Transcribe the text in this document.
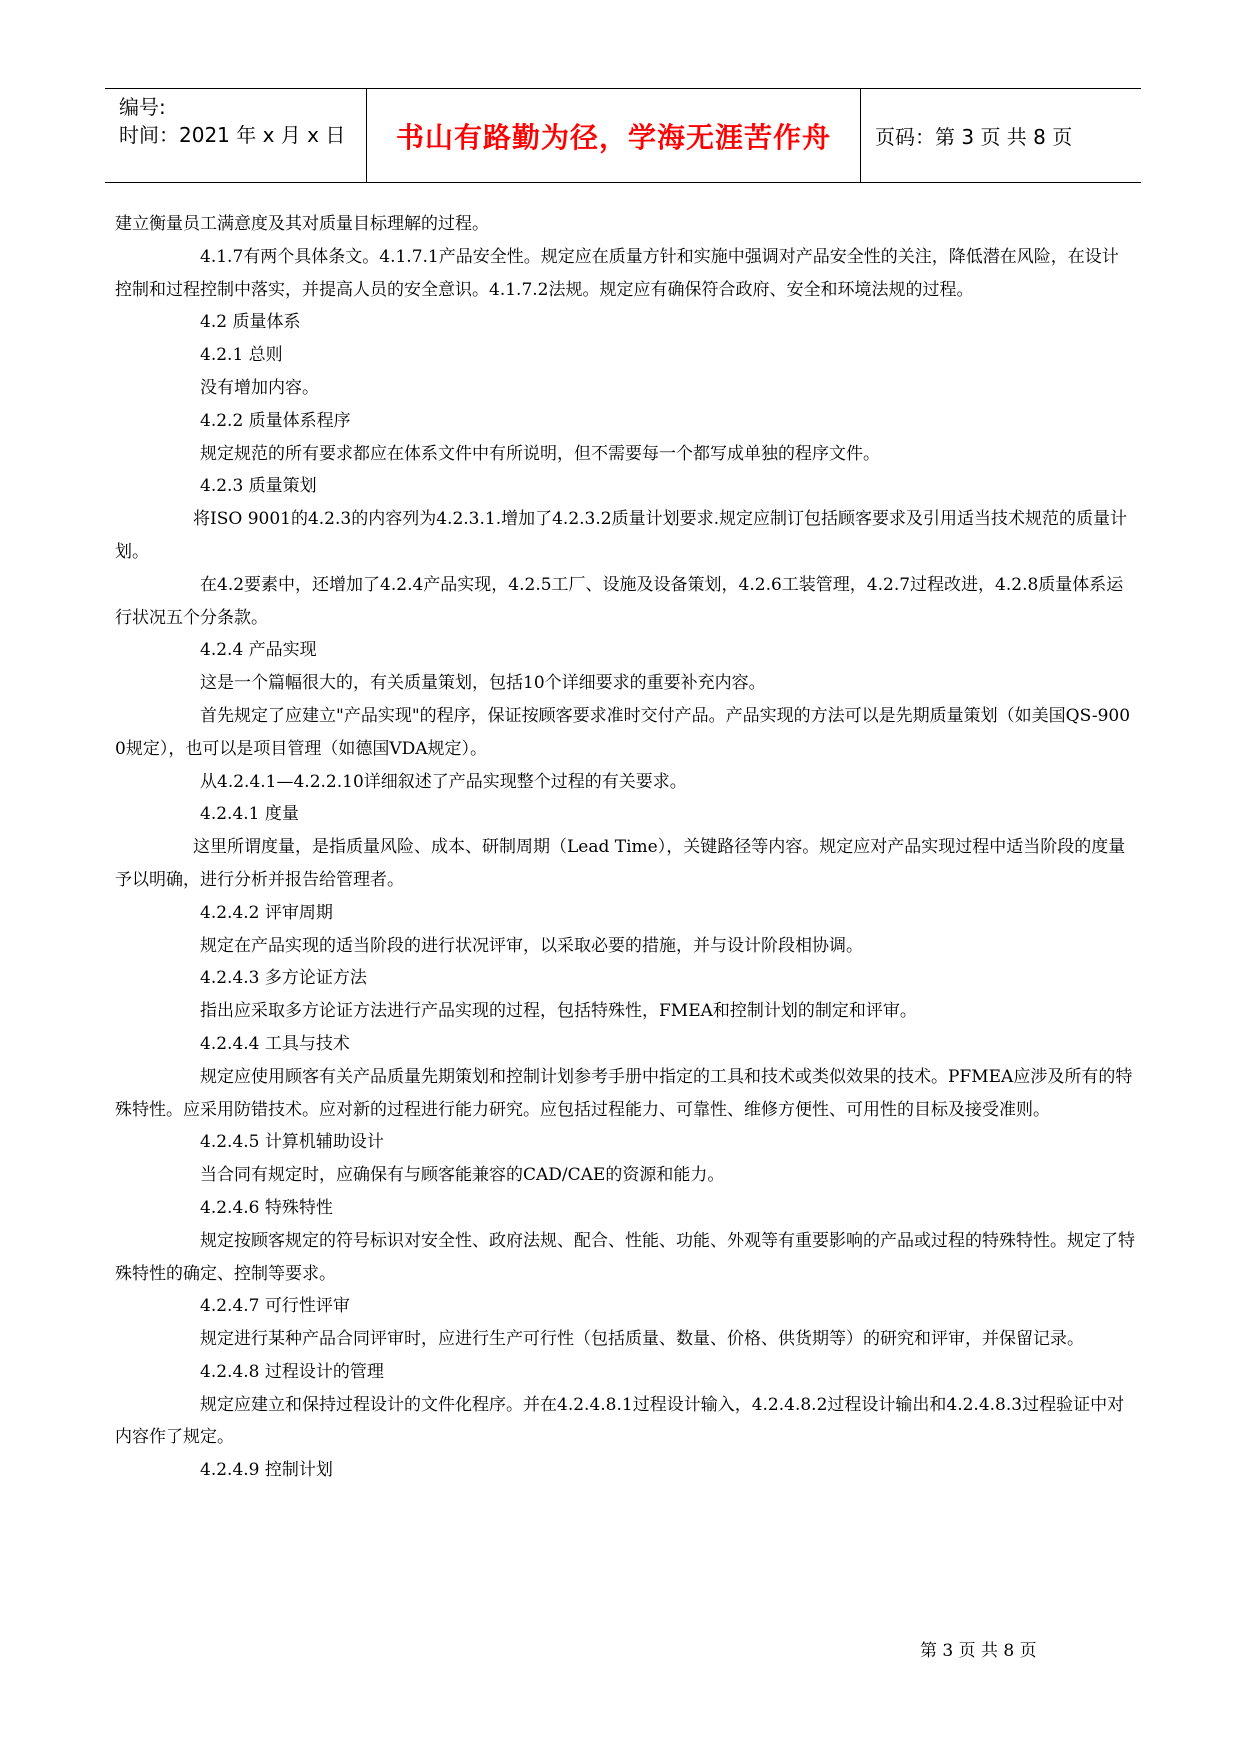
编号:
时间：2021 年 x 月 x 日	书山有路勤为径，学海无涯苦作舟 页码：第 3 页 共 8 页

建立衡量员工满意度及其对质量目标理解的过程。

4.1.7有两个具体条文。4.1.7.1产品安全性。规定应在质量方针和实施中强调对产品安全性的关注，降低潜在风险，在设计控制和过程控制中落实，并提高人员的安全意识。4.1.7.2法规。规定应有确保符合政府、安全和环境法规的过程。

4.2 质量体系

4.2.1 总则

没有增加内容。

4.2.2 质量体系程序

规定规范的所有要求都应在体系文件中有所说明，但不需要每一个都写成单独的程序文件。

4.2.3 质量策划

将ISO 9001的4.2.3的内容列为4.2.3.1.增加了4.2.3.2质量计划要求.规定应制订包括顾客要求及引用适当技术规范的质量计划。

在4.2要素中，还增加了4.2.4产品实现，4.2.5工厂、设施及设备策划，4.2.6工装管理，4.2.7过程改进，4.2.8质量体系运行状况五个分条款。

4.2.4 产品实现

这是一个篇幅很大的，有关质量策划，包括10个详细要求的重要补充内容。

首先规定了应建立"产品实现"的程序，保证按顾客要求准时交付产品。产品实现的方法可以是先期质量策划（如美国QS-9000规定），也可以是项目管理（如德国VDA规定）。

从4.2.4.1—4.2.2.10详细叙述了产品实现整个过程的有关要求。

4.2.4.1 度量

这里所谓度量，是指质量风险、成本、研制周期（Lead Time），关键路径等内容。规定应对产品实现过程中适当阶段的度量予以明确，进行分析并报告给管理者。

4.2.4.2 评审周期

规定在产品实现的适当阶段的进行状况评审，以采取必要的措施，并与设计阶段相协调。

4.2.4.3 多方论证方法

指出应采取多方论证方法进行产品实现的过程，包括特殊性，FMEA和控制计划的制定和评审。

4.2.4.4 工具与技术

规定应使用顾客有关产品质量先期策划和控制计划参考手册中指定的工具和技术或类似效果的技术。PFMEA应涉及所有的特殊特性。应采用防错技术。应对新的过程进行能力研究。应包括过程能力、可靠性、维修方便性、可用性的目标及接受准则。

4.2.4.5 计算机辅助设计

当合同有规定时，应确保有与顾客能兼容的CAD/CAE的资源和能力。

4.2.4.6 特殊特性

规定按顾客规定的符号标识对安全性、政府法规、配合、性能、功能、外观等有重要影响的产品或过程的特殊特性。规定了特殊特性的确定、控制等要求。

4.2.4.7 可行性评审

规定进行某种产品合同评审时，应进行生产可行性（包括质量、数量、价格、供货期等）的研究和评审，并保留记录。

4.2.4.8 过程设计的管理

规定应建立和保持过程设计的文件化程序。并在4.2.4.8.1过程设计输入，4.2.4.8.2过程设计输出和4.2.4.8.3过程验证中对内容作了规定。

4.2.4.9 控制计划

第 3 页 共 8 页
